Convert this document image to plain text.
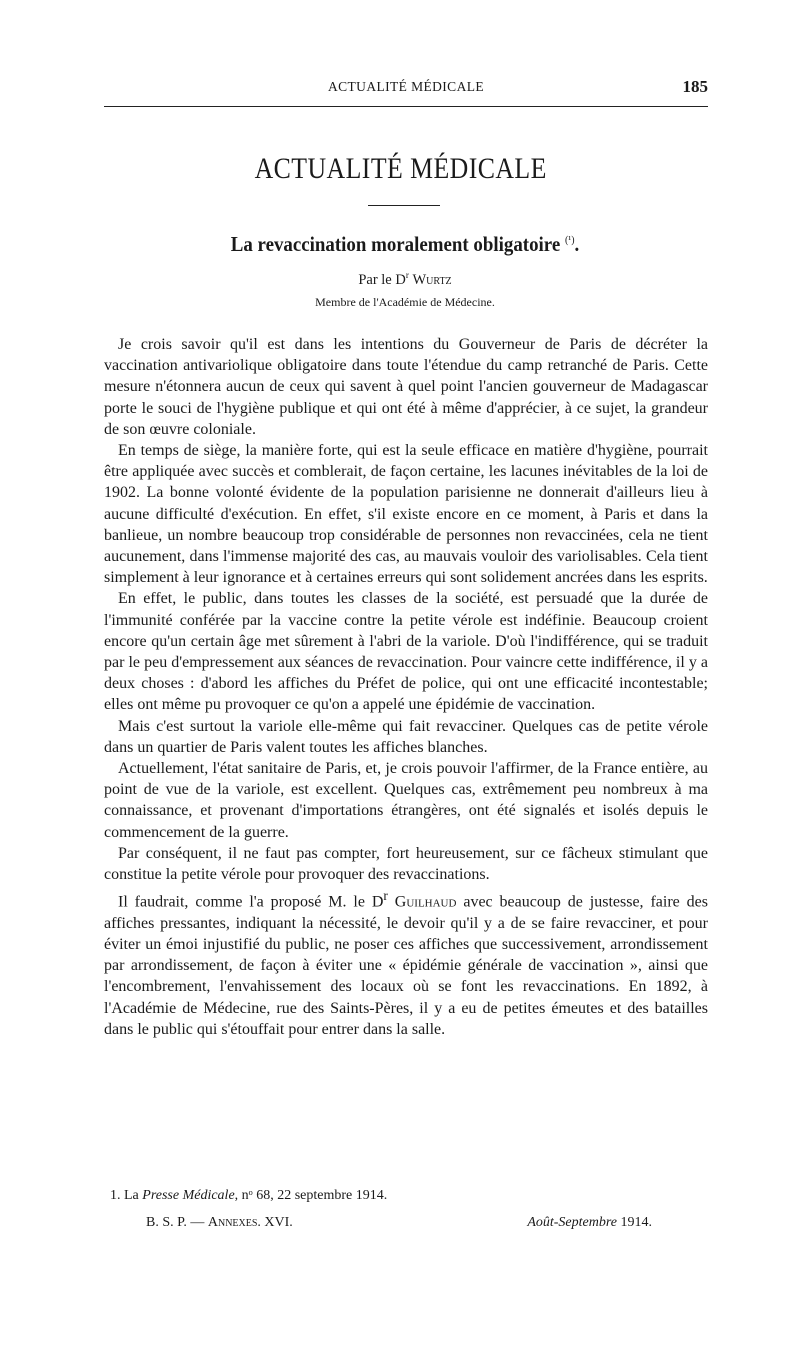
ACTUALITÉ MÉDICALE	185
ACTUALITÉ MÉDICALE
La revaccination moralement obligatoire $^{(^1)}$.
Par le $D^r$ Wurtz
Membre de l'Académie de Médecine.

Je crois savoir qu'il est dans les intentions du Gouverneur de Paris de décréter la vaccination antivariolique obligatoire dans toute l'étendue du camp retranché de Paris. Cette mesure n'étonnera aucun de ceux qui savent à quel point l'ancien gouverneur de Madagascar porte le souci de l'hygiène publique et qui ont été à même d'apprécier, à ce sujet, la grandeur de son œuvre coloniale.

En temps de siège, la manière forte, qui est la seule efficace en matière d'hygiène, pourrait être appliquée avec succès et comblerait, de façon certaine, les lacunes inévitables de la loi de 1902. La bonne volonté évidente de la population parisienne ne donnerait d'ailleurs lieu à aucune difficulté d'exécution. En effet, s'il existe encore en ce moment, à Paris et dans la banlieue, un nombre beaucoup trop considérable de personnes non revaccinées, cela ne tient aucunement, dans l'immense majorité des cas, au mauvais vouloir des variolisables. Cela tient simplement à leur ignorance et à certaines erreurs qui sont solidement ancrées dans les esprits.

En effet, le public, dans toutes les classes de la société, est persuadé que la durée de l'immunité conférée par la vaccine contre la petite vérole est indéfinie. Beaucoup croient encore qu'un certain âge met sûrement à l'abri de la variole. D'où l'indifférence, qui se traduit par le peu d'empressement aux séances de revaccination. Pour vaincre cette indifférence, il y a deux choses : d'abord les affiches du Préfet de police, qui ont une efficacité incontestable; elles ont même pu provoquer ce qu'on a appelé une épidémie de vaccination.

Mais c'est surtout la variole elle-même qui fait revacciner. Quelques cas de petite vérole dans un quartier de Paris valent toutes les affiches blanches.

Actuellement, l'état sanitaire de Paris, et, je crois pouvoir l'affirmer, de la France entière, au point de vue de la variole, est excellent. Quelques cas, extrêmement peu nombreux à ma connaissance, et provenant d'importations étrangères, ont été signalés et isolés depuis le commencement de la guerre.

Par conséquent, il ne faut pas compter, fort heureusement, sur ce fâcheux stimulant que constitue la petite vérole pour provoquer des revaccinations.

Il faudrait, comme l'a proposé M. le $D^r$ Guilhaud avec beaucoup de justesse, faire des affiches pressantes, indiquant la nécessité, le devoir qu'il y a de se faire revacciner, et pour éviter un émoi injustifié du public, ne poser ces affiches que successivement, arrondissement par arrondissement, de façon à éviter une « épidémie générale de vaccination », ainsi que l'encombrement, l'envahissement des locaux où se font les revaccinations. En 1892, à l'Académie de Médecine, rue des Saints-Pères, il y a eu de petites émeutes et des batailles dans le public qui s'étouffait pour entrer dans la salle.

1. La Presse Médicale, nᵒ 68, 22 septembre 1914.
B. S. P. — Annexes. XVI.	Août-Septembre 1914.
